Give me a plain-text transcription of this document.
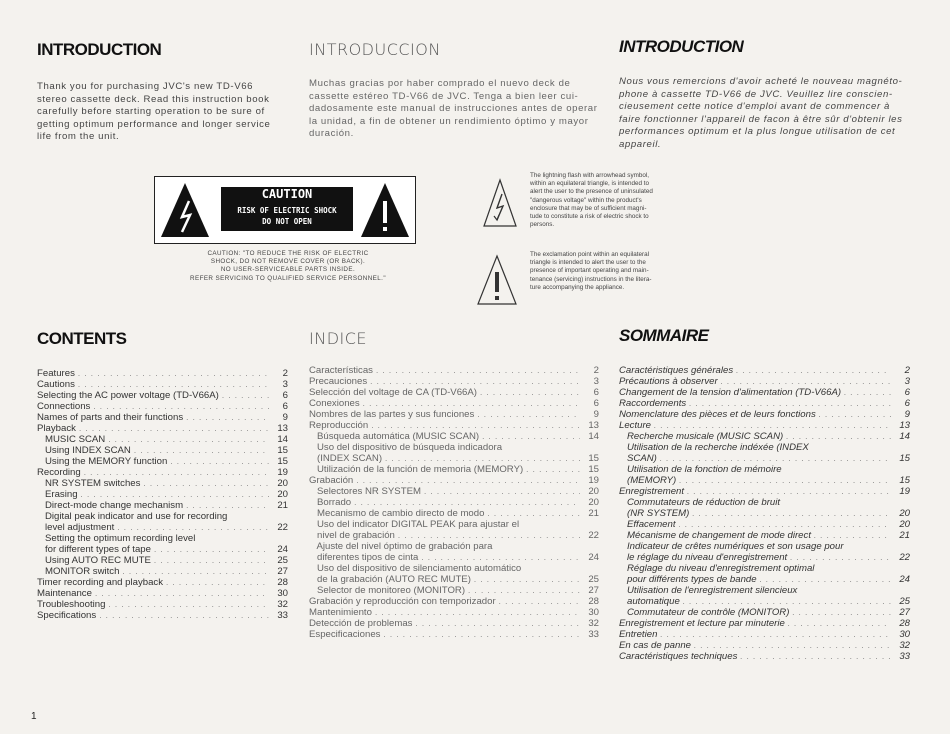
INTRODUCTION	INTRODUCCION	INTRODUCTION
Thank you for purchasing JVC's new TD-V66
stereo cassette deck. Read this instruction book
carefully before starting operation to be sure of
getting optimum performance and longer service
life from the unit.
Muchas gracias por haber comprado el nuevo deck de
cassette estéreo TD-V66 de JVC. Tenga a bien leer cui-
dadosamente este manual de instrucciones antes de operar
la unidad, a fin de obtener un rendimiento óptimo y mayor
duración.
Nous vous remercions d'avoir acheté le nouveau magnéto-
phone à cassette TD-V66 de JVC. Veuillez lire conscien-
cieusement cette notice d'emploi avant de commencer à
faire fonctionner l'appareil de facon à être sûr d'obtenir les
performances optimum et la plus longue utilisation de cet
appareil.
CAUTION
RISK OF ELECTRIC SHOCK
DO NOT OPEN
CAUTION: "TO REDUCE THE RISK OF ELECTRIC
SHOCK, DO NOT REMOVE COVER (OR BACK).
NO USER-SERVICEABLE PARTS INSIDE.
REFER SERVICING TO QUALIFIED SERVICE PERSONNEL."
The lightning flash with arrowhead symbol,
within an equilateral triangle, is intended to
alert the user to the presence of uninsulated
"dangerous voltage" within the product's
enclosure that may be of sufficient magni-
tude to constitute a risk of electric shock to
persons.
The exclamation point within an equilateral
triangle is intended to alert the user to the
presence of important operating and main-
tenance (servicing) instructions in the litera-
ture accompanying the appliance.
CONTENTS	INDICE	SOMMAIRE
Features . . .	2
Cautions . . .	3
Selecting the AC power voltage (TD-V66A) . . .	6
Connections . . .	6
Names of parts and their functions . . .	9
Playback . . .	13
MUSIC SCAN . . .	14
Using INDEX SCAN . . .	15
Using the MEMORY function . . .	15
Recording . . .	19
NR SYSTEM switches . . .	20
Erasing . . .	20
Direct-mode change mechanism . . .	21
Digital peak indicator and use for recording
level adjustment . . .	22
Setting the optimum recording level
for different types of tape . . .	24
Using AUTO REC MUTE . . .	25
MONITOR switch . . .	27
Timer recording and playback . . .	28
Maintenance . . .	30
Troubleshooting . . .	32
Specifications . . .	33
Características . . .	2
Precauciones . . .	3
Selección del voltage de CA (TD-V66A) . . .	6
Conexiones . . .	6
Nombres de las partes y sus funciones . . .	9
Reproducción . . .	13
Búsqueda automática (MUSIC SCAN) . . .	14
Uso del dispositivo de búsqueda indicadora
(INDEX SCAN) . . .	15
Utilización de la función de memoria (MEMORY) . . .	15
Grabación . . .	19
Selectores NR SYSTEM . . .	20
Borrado . . .	20
Mecanismo de cambio directo de modo . . .	21
Uso del indicator DIGITAL PEAK para ajustar el
nivel de grabación . . .	22
Ajuste del nivel óptimo de grabación para
diferentes tipos de cinta . . .	24
Uso del dispositivo de silenciamento automático
de la grabación (AUTO REC MUTE) . . .	25
Selector de monitoreo (MONITOR) . . .	27
Grabación y reproducción con temporizador . . .	28
Mantenimiento . . .	30
Detección de problemas . . .	32
Especificaciones . . .	33
Caractéristiques générales . . .	2
Précautions à observer . . .	3
Changement de la tension d'alimentation (TD-V66A) . . .	6
Raccordements . . .	6
Nomenclature des pièces et de leurs fonctions . . .	9
Lecture . . .	13
Recherche musicale (MUSIC SCAN) . . .	14
Utilisation de la recherche indéxée (INDEX
SCAN) . . .	15
Utilisation de la fonction de mémoire
(MEMORY) . . .	15
Enregistrement . . .	19
Commutateurs de réduction de bruit
(NR SYSTEM) . . .	20
Effacement . . .	20
Mécanisme de changement de mode direct . . .	21
Indicateur de crêtes numériques et son usage pour
le réglage du niveau d'enregistrement . . .	22
Réglage du niveau d'enregistrement optimal
pour différents types de bande . . .	24
Utilisation de l'enregistrement silencieux
automatique . . .	25
Commutateur de contrôle (MONITOR) . . .	27
Enregistrement et lecture par minuterie . . .	28
Entretien . . .	30
En cas de panne . . .	32
Caractéristiques techniques . . .	33
1
